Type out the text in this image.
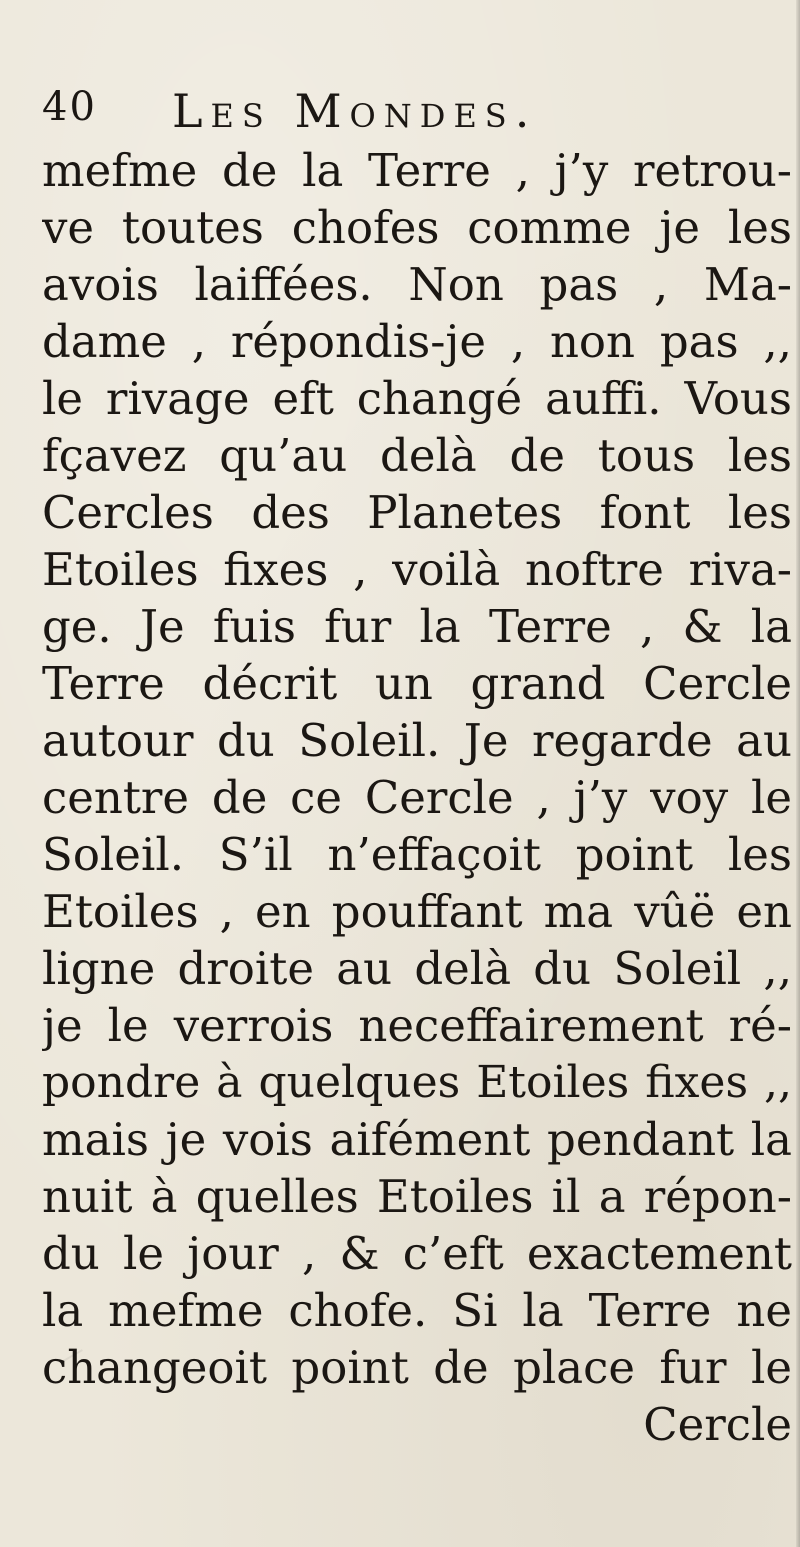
40 Les Mondes.
mefme de la Terre , j’y retrou-
ve toutes chofes comme je les
avois laiffées. Non pas , Ma-
dame , répondis-je , non pas ,,
le rivage eft changé auffi. Vous
fçavez qu’au delà de tous les
Cercles des Planetes font les
Etoiles fixes , voilà noftre riva-
ge. Je fuis fur la Terre , & la
Terre décrit un grand Cercle
autour du Soleil. Je regarde au
centre de ce Cercle , j’y voy le
Soleil. S’il n’effaçoit point les
Etoiles , en pouffant ma vûë en
ligne droite au delà du Soleil ,,
je le verrois neceffairement ré-
pondre à quelques Etoiles fixes ,,
mais je vois aifément pendant la
nuit à quelles Etoiles il a répon-
du le jour , & c’eft exactement
la mefme chofe. Si la Terre ne
changeoit point de place fur le
Cercle
